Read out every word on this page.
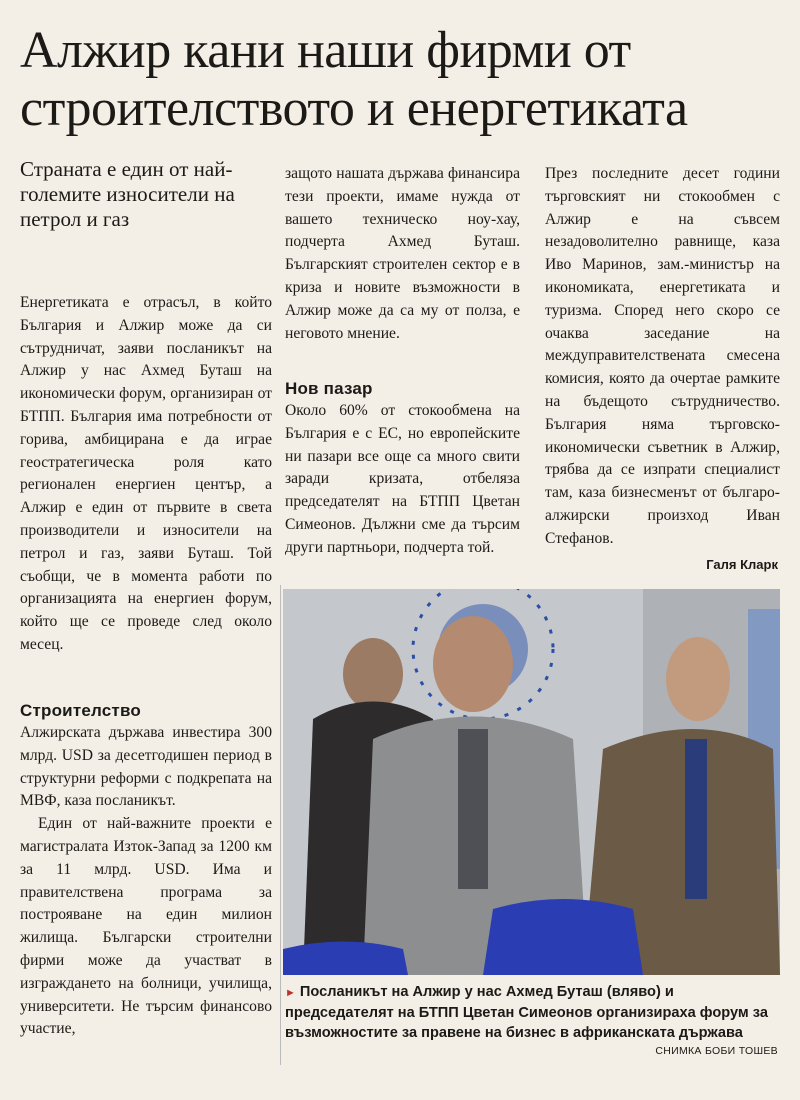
Алжир кани наши фирми от строителството и енергетиката

Страната е един от най-големите износители на петрол и газ

Енергетиката е отрасъл, в който България и Алжир може да си сътрудничат, заяви посланикът на Алжир у нас Ахмед Буташ на икономически форум, организиран от БТПП. България има потребности от горива, амбицирана е да играе геостратегическа роля като регионален енергиен център, а Алжир е един от първите в света производители и износители на петрол и газ, заяви Буташ. Той съобщи, че в момента работи по организацията на енергиен форум, който ще се проведе след около месец.

Строителство

Алжирската държава инвестира 300 млрд. USD за десетгодишен период в структурни реформи с подкрепата на МВФ, каза посланикът.

Един от най-важните проекти е магистралата Изток-Запад за 1200 км за 11 млрд. USD. Има и правителствена програма за построяване на един милион жилища. Български строителни фирми може да участват в изграждането на болници, училища, университети. Не търсим финансово участие,

защото нашата държава финансира тези проекти, имаме нужда от вашето техническо ноу-хау, подчерта Ахмед Буташ. Българският строителен сектор е в криза и новите възможности в Алжир може да са му от полза, е неговото мнение.

Нов пазар

Около 60% от стокообмена на България е с ЕС, но европейските ни пазари все още са много свити заради кризата, отбеляза председателят на БТПП Цветан Симеонов. Дължни сме да търсим други партньори, подчерта той.

През последните десет години търговският ни стокообмен с Алжир е на съвсем незадоволително равнище, каза Иво Маринов, зам.-министър на икономиката, енергетиката и туризма. Според него скоро се очаква заседание на междуправителствената смесена комисия, която да очертае рамките на бъдещото сътрудничество. България няма търговско-икономически съветник в Алжир, трябва да се изпрати специалист там, каза бизнесменът от българо-алжирски произход Иван Стефанов.

Галя Кларк
► Посланикът на Алжир у нас Ахмед Буташ (вляво) и председателят на БТПП Цветан Симеонов организираха форум за възможностите за правене на бизнес в африканската държава
СНИМКА БОБИ ТОШЕВ
